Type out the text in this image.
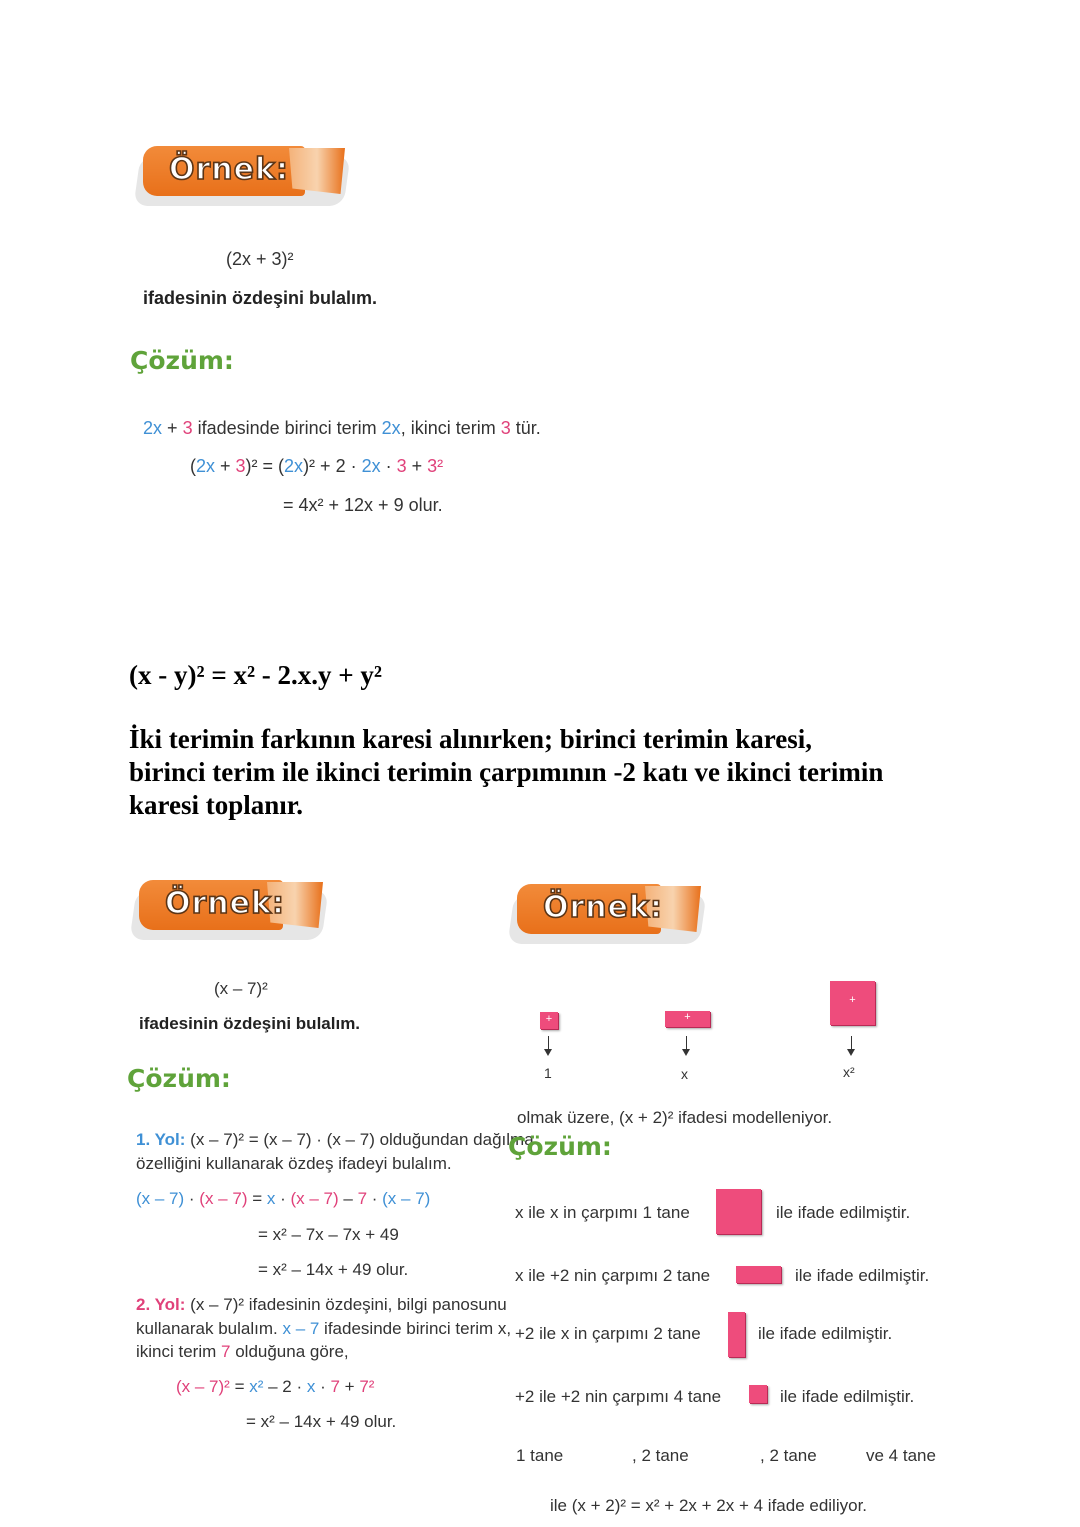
Örnek:
(2x + 3)²
ifadesinin özdeşini bulalım.
Çözüm:
2x + 3 ifadesinde birinci terim 2x, ikinci terim 3 tür.
(2x + 3)² = (2x)² + 2 · 2x · 3 + 3²
= 4x² + 12x + 9 olur.
(x - y)² = x² - 2.x.y + y²
İki terimin farkının karesi alınırken; birinci terimin karesi,
birinci terim ile ikinci terimin çarpımının -2 katı ve ikinci terimin
karesi toplanır.
Örnek:
(x – 7)²
ifadesinin özdeşini bulalım.
Çözüm:
1. Yol: (x – 7)² = (x – 7) · (x – 7) olduğundan dağılma
özelliğini kullanarak özdeş ifadeyi bulalım.
(x – 7) · (x – 7) = x · (x – 7) – 7 · (x – 7)
= x² – 7x – 7x + 49
= x² – 14x + 49 olur.
2. Yol: (x – 7)² ifadesinin özdeşini, bilgi panosunu
kullanarak bulalım. x – 7 ifadesinde birinci terim x,
ikinci terim 7 olduğuna göre,
(x – 7)² = x² – 2 · x · 7 + 7²
= x² – 14x + 49 olur.
Örnek:
+
1
+
x
+
x²
olmak üzere, (x + 2)² ifadesi modelleniyor.
Çözüm:
x ile x in çarpımı 1 tane	ile ifade edilmiştir.
x ile +2 nin çarpımı 2 tane	ile ifade edilmiştir.
+2 ile x in çarpımı 2 tane	ile ifade edilmiştir.
+2 ile +2 nin çarpımı 4 tane	ile ifade edilmiştir.
1 tane	, 2 tane	, 2 tane	ve 4 tane
ile (x + 2)² = x² + 2x + 2x + 4 ifade ediliyor.
